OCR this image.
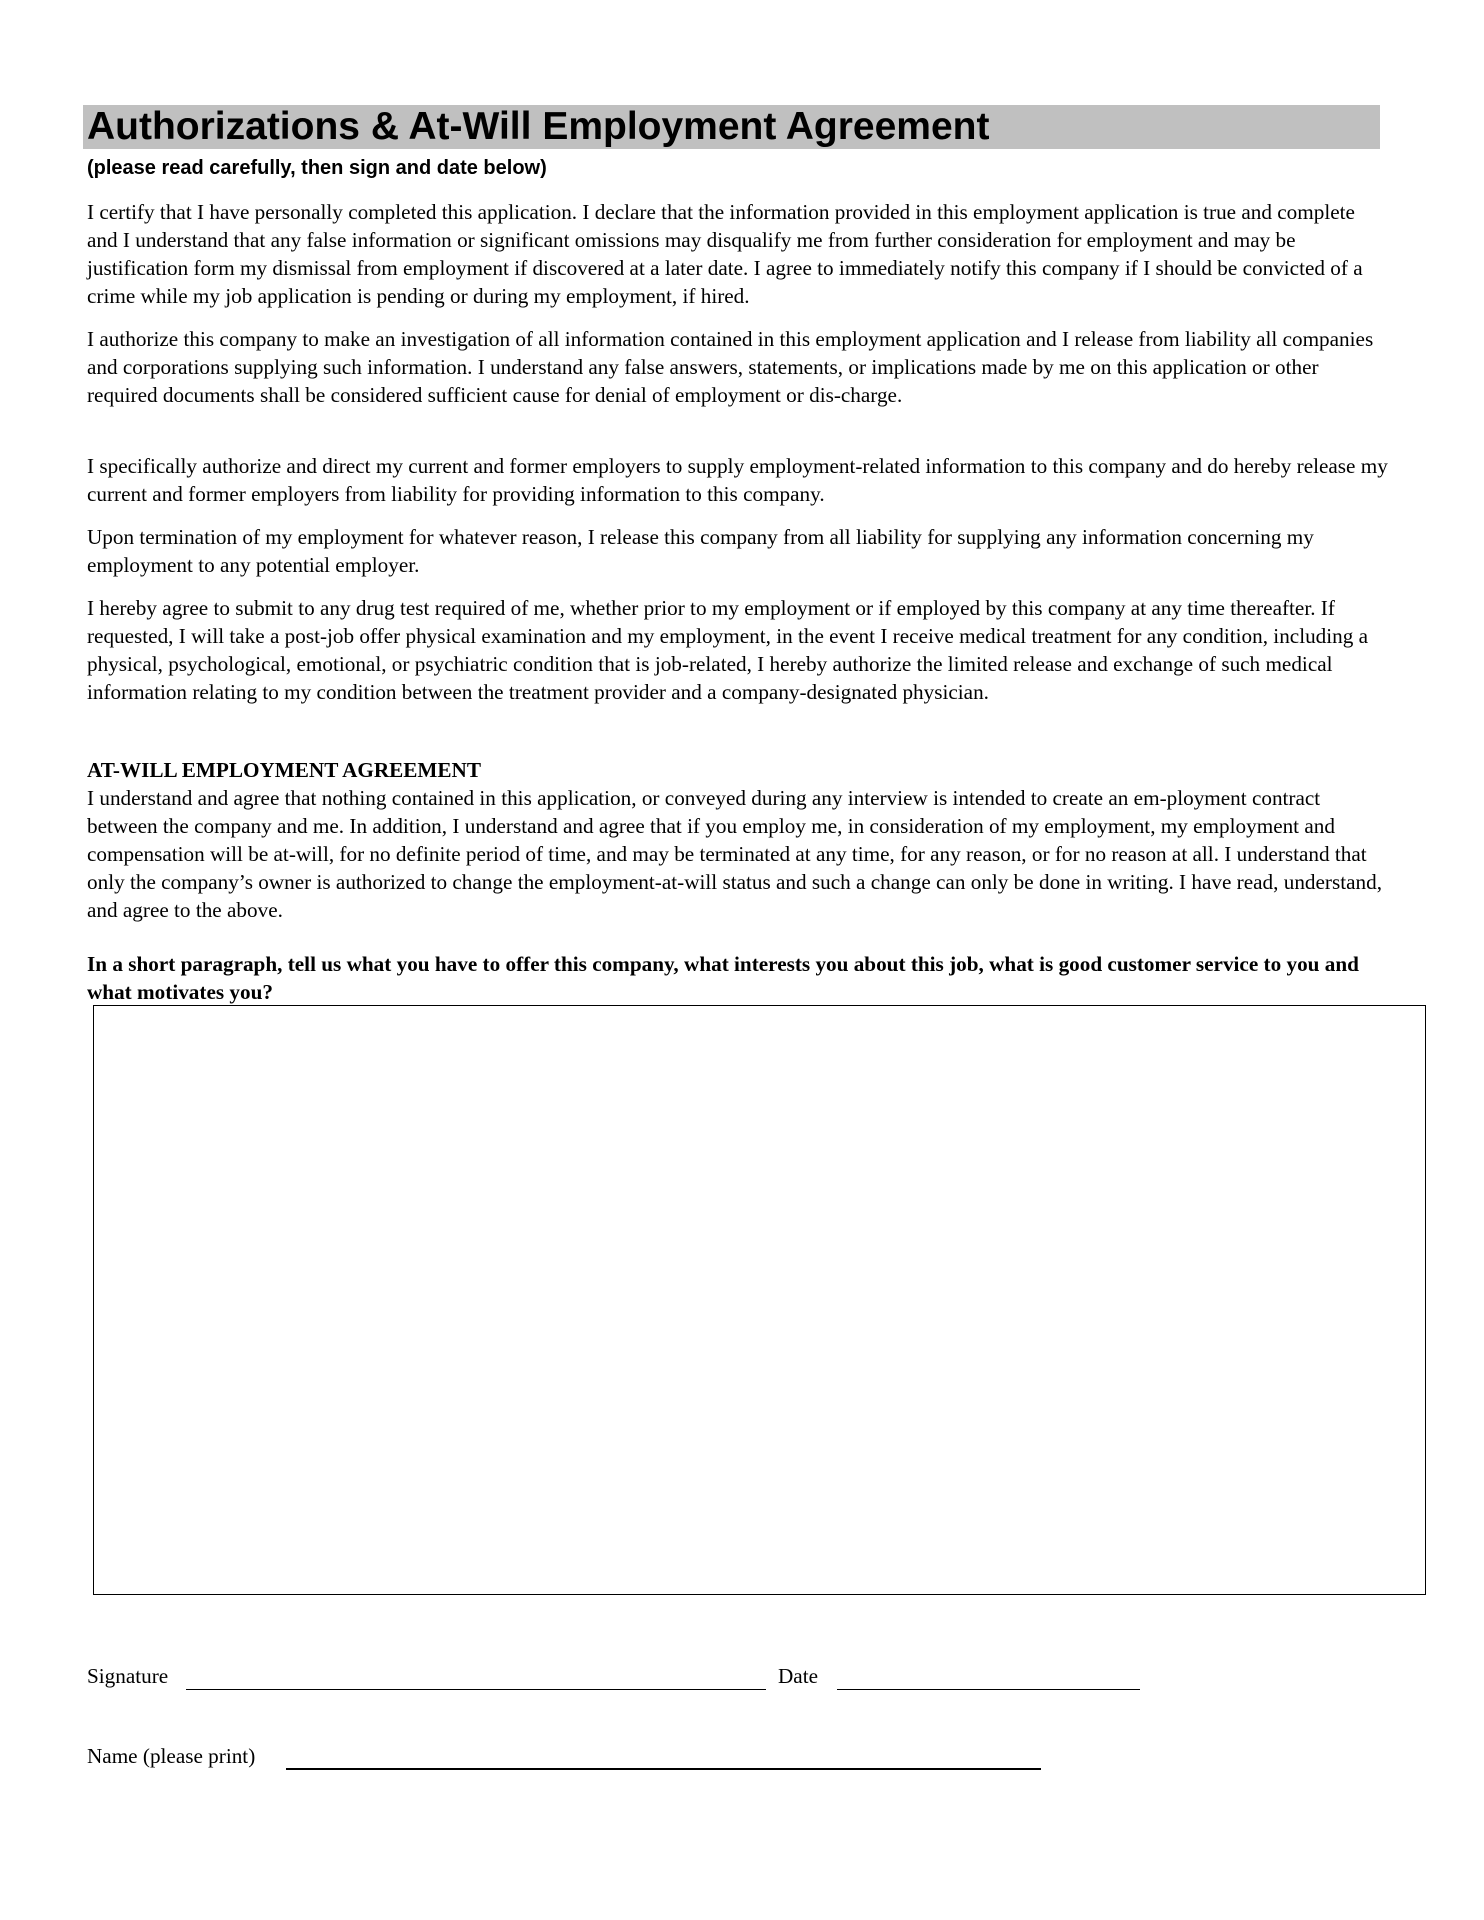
Authorizations & At-Will Employment Agreement

(please read carefully, then sign and date below)

I certify that I have personally completed this application. I declare that the information provided in this employment application is true and complete and I understand that any false information or significant omissions may disqualify me from further consideration for employment and may be justification form my dismissal from employment if discovered at a later date. I agree to immediately notify this company if I should be convicted of a crime while my job application is pending or during my employment, if hired.

I authorize this company to make an investigation of all information contained in this employment application and I release from liability all companies and corporations supplying such information. I understand any false answers, statements, or implications made by me on this application or other required documents shall be considered sufficient cause for denial of employment or dis-charge.

I specifically authorize and direct my current and former employers to supply employment-related information to this company and do hereby release my current and former employers from liability for providing information to this company.

Upon termination of my employment for whatever reason, I release this company from all liability for supplying any information concerning my employment to any potential employer.

I hereby agree to submit to any drug test required of me, whether prior to my employment or if employed by this company at any time thereafter. If requested, I will take a post-job offer physical examination and my employment, in the event I receive medical treatment for any condition, including a physical, psychological, emotional, or psychiatric condition that is job-related, I hereby authorize the limited release and exchange of such medical information relating to my condition between the treatment provider and a company-designated physician.

AT-WILL EMPLOYMENT AGREEMENT

I understand and agree that nothing contained in this application, or conveyed during any interview is intended to create an em-ployment contract between the company and me. In addition, I understand and agree that if you employ me, in consideration of my employment, my employment and compensation will be at-will, for no definite period of time, and may be terminated at any time, for any reason, or for no reason at all. I understand that only the company’s owner is authorized to change the employment-at-will status and such a change can only be done in writing. I have read, understand, and agree to the above.

In a short paragraph, tell us what you have to offer this company, what interests you about this job, what is good customer service to you and what motivates you?

Signature	Date
Name (please print)
